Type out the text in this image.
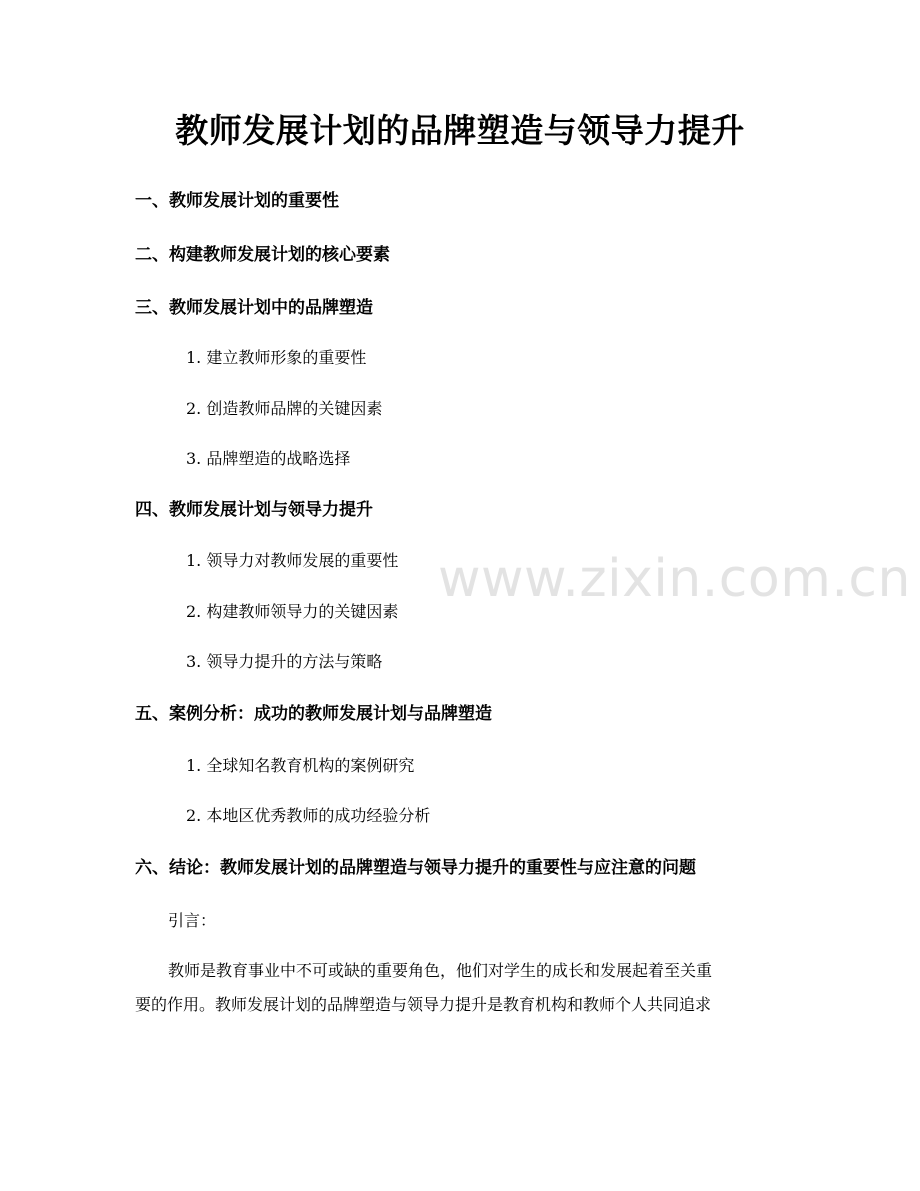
教师发展计划的品牌塑造与领导力提升
www.zixin.com.cn
一、教师发展计划的重要性
二、构建教师发展计划的核心要素
三、教师发展计划中的品牌塑造

1. 建立教师形象的重要性

2. 创造教师品牌的关键因素

3. 品牌塑造的战略选择

四、教师发展计划与领导力提升

1. 领导力对教师发展的重要性

2. 构建教师领导力的关键因素

3. 领导力提升的方法与策略

五、案例分析：成功的教师发展计划与品牌塑造

1. 全球知名教育机构的案例研究

2. 本地区优秀教师的成功经验分析

六、结论：教师发展计划的品牌塑造与领导力提升的重要性与应注意的问题

引言：

教师是教育事业中不可或缺的重要角色，他们对学生的成长和发展起着至关重

要的作用。教师发展计划的品牌塑造与领导力提升是教育机构和教师个人共同追求
